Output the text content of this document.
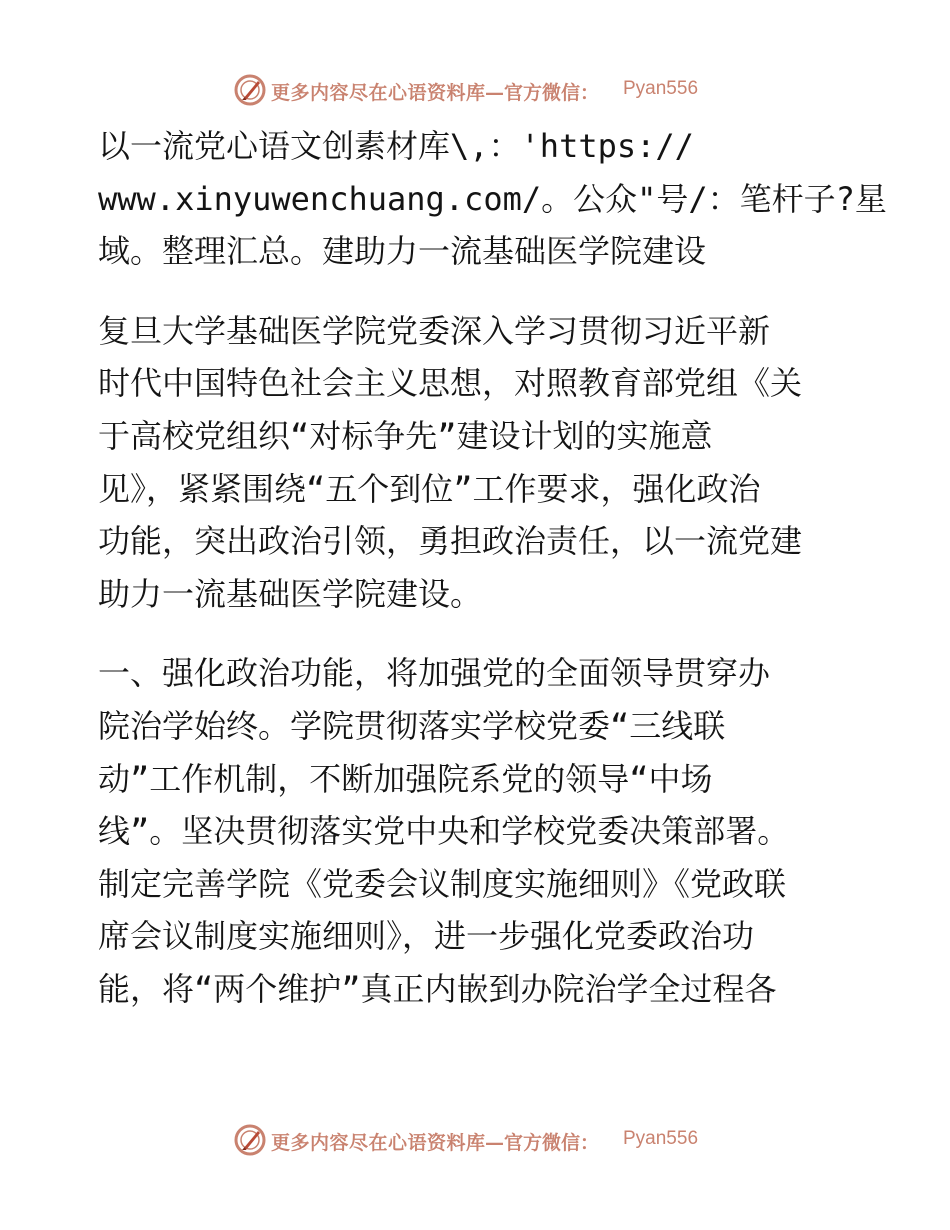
更多内容尽在心语资料库 —官方微信： Pyan556

以一流党心语文创素材库\,：'https://
www.xinyuwenchuang.com/。公众"号/：笔杆子?星
域。整理汇总。建助力一流基础医学院建设

复旦大学基础医学院党委深入学习贯彻习近平新
时代中国特色社会主义思想，对照教育部党组《关
于高校党组织“对标争先”建设计划的实施意
见》，紧紧围绕“五个到位”工作要求，强化政治
功能，突出政治引领，勇担政治责任，以一流党建
助力一流基础医学院建设。

一、强化政治功能，将加强党的全面领导贯穿办
院治学始终。学院贯彻落实学校党委“三线联
动”工作机制，不断加强院系党的领导“中场
线”。坚决贯彻落实党中央和学校党委决策部署。
制定完善学院《党委会议制度实施细则》《党政联
席会议制度实施细则》，进一步强化党委政治功
能，将“两个维护”真正内嵌到办院治学全过程各

更多内容尽在心语资料库 —官方微信： Pyan556
